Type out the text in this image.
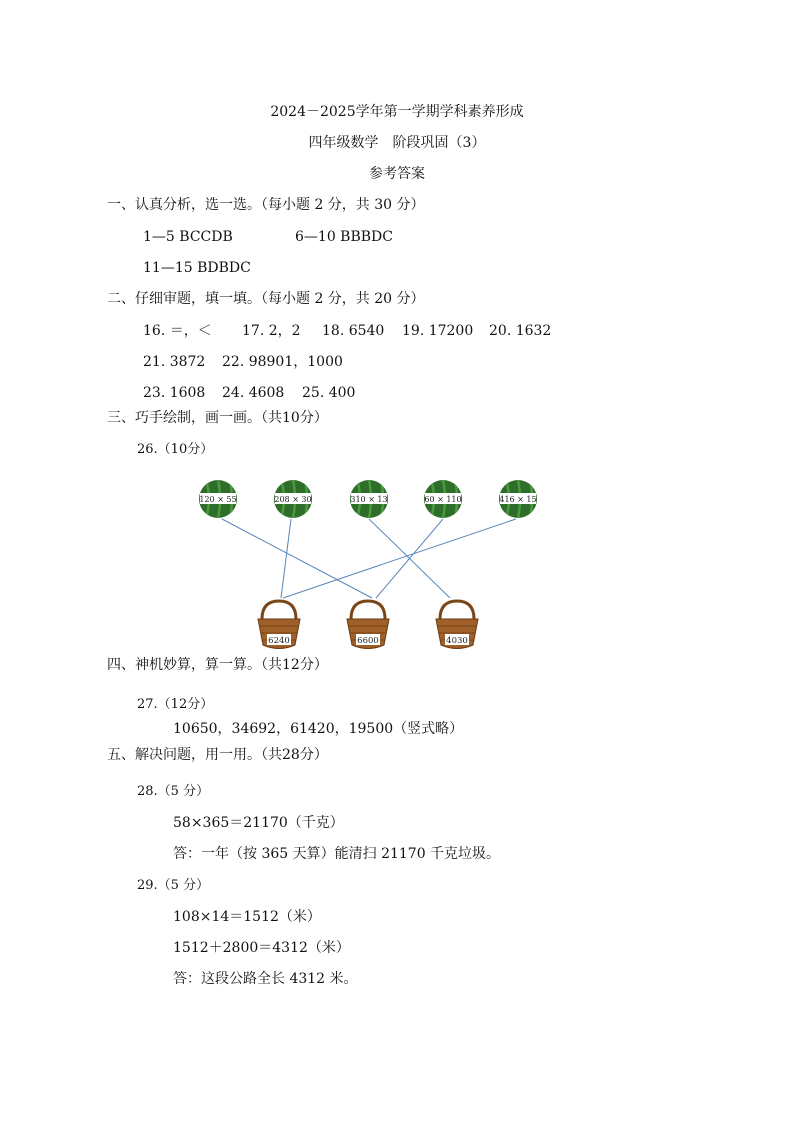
2024－2025学年第一学期学科素养形成
四年级数学　阶段巩固（3）
参考答案
一、认真分析，选一选。（每小题 2 分，共 30 分）
1—5 BCCDB	6—10 BBBDC
11—15 BDBDC
二、仔细审题，填一填。（每小题 2 分，共 20 分）
16. ＝，＜ 17. 2，2 18. 6540 19. 17200 20. 1632
21. 3872 22. 98901，1000
23. 1608 24. 4608 25. 400
三、巧手绘制，画一画。（共10分）
26.（10分）
120 × 55	208 × 30	310 × 13	60 × 110	416 × 15
6240	6600	4030
四、神机妙算，算一算。（共12分）
27.（12分）
10650，34692，61420，19500（竖式略）
五、解决问题，用一用。（共28分）
28.（5 分）
58×365＝21170（千克）
答：一年（按 365 天算）能清扫 21170 千克垃圾。
29.（5 分）
108×14＝1512（米）
1512＋2800＝4312（米）
答：这段公路全长 4312 米。
